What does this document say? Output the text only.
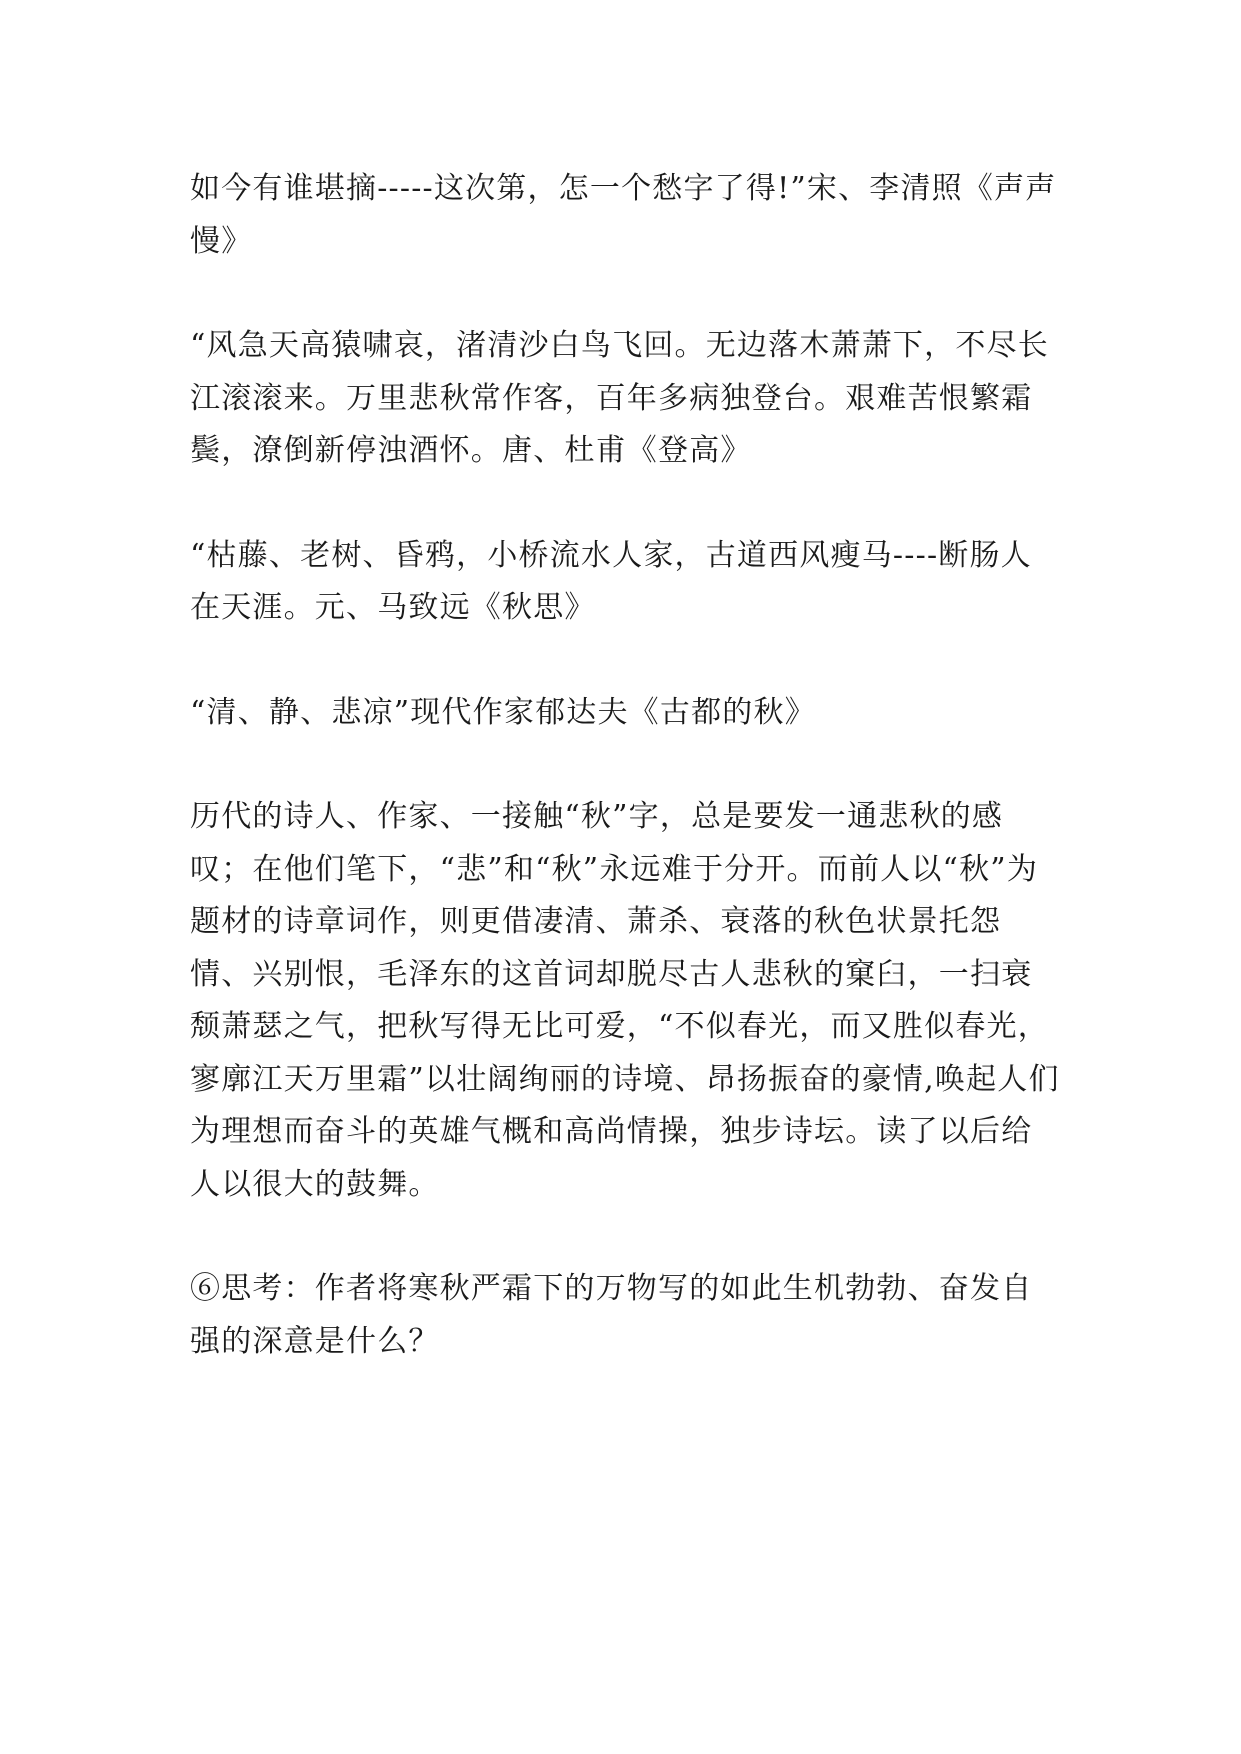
如今有谁堪摘-----这次第，怎一个愁字了得!”宋、李清照《声声慢》

“风急天高猿啸哀，渚清沙白鸟飞回。无边落木萧萧下，不尽长江滚滚来。万里悲秋常作客，百年多病独登台。艰难苦恨繁霜鬓，潦倒新停浊酒怀。唐、杜甫《登高》

“枯藤、老树、昏鸦，小桥流水人家，古道西风瘦马----断肠人在天涯。元、马致远《秋思》

“清、静、悲凉”现代作家郁达夫《古都的秋》

历代的诗人、作家、一接触“秋”字，总是要发一通悲秋的感叹；在他们笔下，“悲”和“秋”永远难于分开。而前人以“秋”为题材的诗章词作，则更借凄清、萧杀、衰落的秋色状景托怨情、兴别恨，毛泽东的这首词却脱尽古人悲秋的窠臼，一扫衰颓萧瑟之气，把秋写得无比可爱，“不似春光，而又胜似春光，寥廓江天万里霜”以壮阔绚丽的诗境、昂扬振奋的豪情,唤起人们为理想而奋斗的英雄气概和高尚情操，独步诗坛。读了以后给人以很大的鼓舞。

⑥思考：作者将寒秋严霜下的万物写的如此生机勃勃、奋发自强的深意是什么？
